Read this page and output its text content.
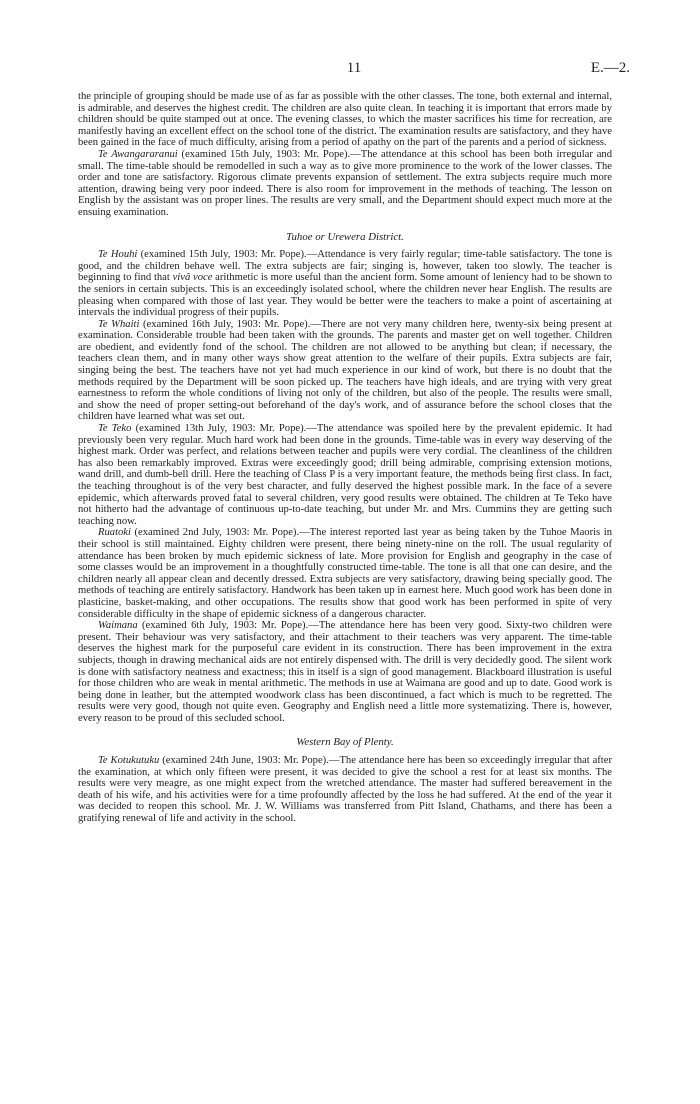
11	E.—2.

the principle of grouping should be made use of as far as possible with the other classes. The tone, both external and internal, is admirable, and deserves the highest credit. The children are also quite clean. In teaching it is important that errors made by children should be quite stamped out at once. The evening classes, to which the master sacrifices his time for recreation, are manifestly having an excellent effect on the school tone of the district. The examination results are satisfactory, and they have been gained in the face of much difficulty, arising from a period of apathy on the part of the parents and a period of sickness.

Te Awangararanui (examined 15th July, 1903: Mr. Pope).—The attendance at this school has been both irregular and small. The time-table should be remodelled in such a way as to give more prominence to the work of the lower classes. The order and tone are satisfactory. Rigorous climate prevents expansion of settlement. The extra subjects require much more attention, drawing being very poor indeed. There is also room for improvement in the methods of teaching. The lesson on English by the assistant was on proper lines. The results are very small, and the Department should expect much more at the ensuing examination.

Tuhoe or Urewera District.

Te Houhi (examined 15th July, 1903: Mr. Pope).—Attendance is very fairly regular; time-table satisfactory. The tone is good, and the children behave well. The extra subjects are fair; singing is, however, taken too slowly. The teacher is beginning to find that vivâ voce arithmetic is more useful than the ancient form. Some amount of leniency had to be shown to the seniors in certain subjects. This is an exceedingly isolated school, where the children never hear English. The results are pleasing when compared with those of last year. They would be better were the teachers to make a point of ascertaining at intervals the individual progress of their pupils.

Te Whaiti (examined 16th July, 1903: Mr. Pope).—There are not very many children here, twenty-six being present at examination. Considerable trouble had been taken with the grounds. The parents and master get on well together. Children are obedient, and evidently fond of the school. The children are not allowed to be anything but clean; if necessary, the teachers clean them, and in many other ways show great attention to the welfare of their pupils. Extra subjects are fair, singing being the best. The teachers have not yet had much experience in our kind of work, but there is no doubt that the methods required by the Department will be soon picked up. The teachers have high ideals, and are trying with very great earnestness to reform the whole conditions of living not only of the children, but also of the people. The results were small, and show the need of proper setting-out beforehand of the day's work, and of assurance before the school closes that the children have learned what was set out.

Te Teko (examined 13th July, 1903: Mr. Pope).—The attendance was spoiled here by the prevalent epidemic. It had previously been very regular. Much hard work had been done in the grounds. Time-table was in every way deserving of the highest mark. Order was perfect, and relations between teacher and pupils were very cordial. The cleanliness of the children has also been remarkably improved. Extras were exceedingly good; drill being admirable, comprising extension motions, wand drill, and dumb-bell drill. Here the teaching of Class P is a very important feature, the methods being first class. In fact, the teaching throughout is of the very best character, and fully deserved the highest possible mark. In the face of a severe epidemic, which afterwards proved fatal to several children, very good results were obtained. The children at Te Teko have not hitherto had the advantage of continuous up-to-date teaching, but under Mr. and Mrs. Cummins they are getting such teaching now.

Ruatoki (examined 2nd July, 1903: Mr. Pope).—The interest reported last year as being taken by the Tuhoe Maoris in their school is still maintained. Eighty children were present, there being ninety-nine on the roll. The usual regularity of attendance has been broken by much epidemic sickness of late. More provision for English and geography in the case of some classes would be an improvement in a thoughtfully constructed time-table. The tone is all that one can desire, and the children nearly all appear clean and decently dressed. Extra subjects are very satisfactory, drawing being specially good. The methods of teaching are entirely satisfactory. Handwork has been taken up in earnest here. Much good work has been done in plasticine, basket-making, and other occupations. The results show that good work has been performed in spite of very considerable difficulty in the shape of epidemic sickness of a dangerous character.

Waimana (examined 6th July, 1903: Mr. Pope).—The attendance here has been very good. Sixty-two children were present. Their behaviour was very satisfactory, and their attachment to their teachers was very apparent. The time-table deserves the highest mark for the purposeful care evident in its construction. There has been improvement in the extra subjects, though in drawing mechanical aids are not entirely dispensed with. The drill is very decidedly good. The silent work is done with satisfactory neatness and exactness; this in itself is a sign of good management. Blackboard illustration is useful for those children who are weak in mental arithmetic. The methods in use at Waimana are good and up to date. Good work is being done in leather, but the attempted woodwork class has been discontinued, a fact which is much to be regretted. The results were very good, though not quite even. Geography and English need a little more systematizing. There is, however, every reason to be proud of this secluded school.

Western Bay of Plenty.

Te Kotukutuku (examined 24th June, 1903: Mr. Pope).—The attendance here has been so exceedingly irregular that after the examination, at which only fifteen were present, it was decided to give the school a rest for at least six months. The results were very meagre, as one might expect from the wretched attendance. The master had suffered bereavement in the death of his wife, and his activities were for a time profoundly affected by the loss he had suffered. At the end of the year it was decided to reopen this school. Mr. J. W. Williams was transferred from Pitt Island, Chathams, and there has been a gratifying renewal of life and activity in the school.
